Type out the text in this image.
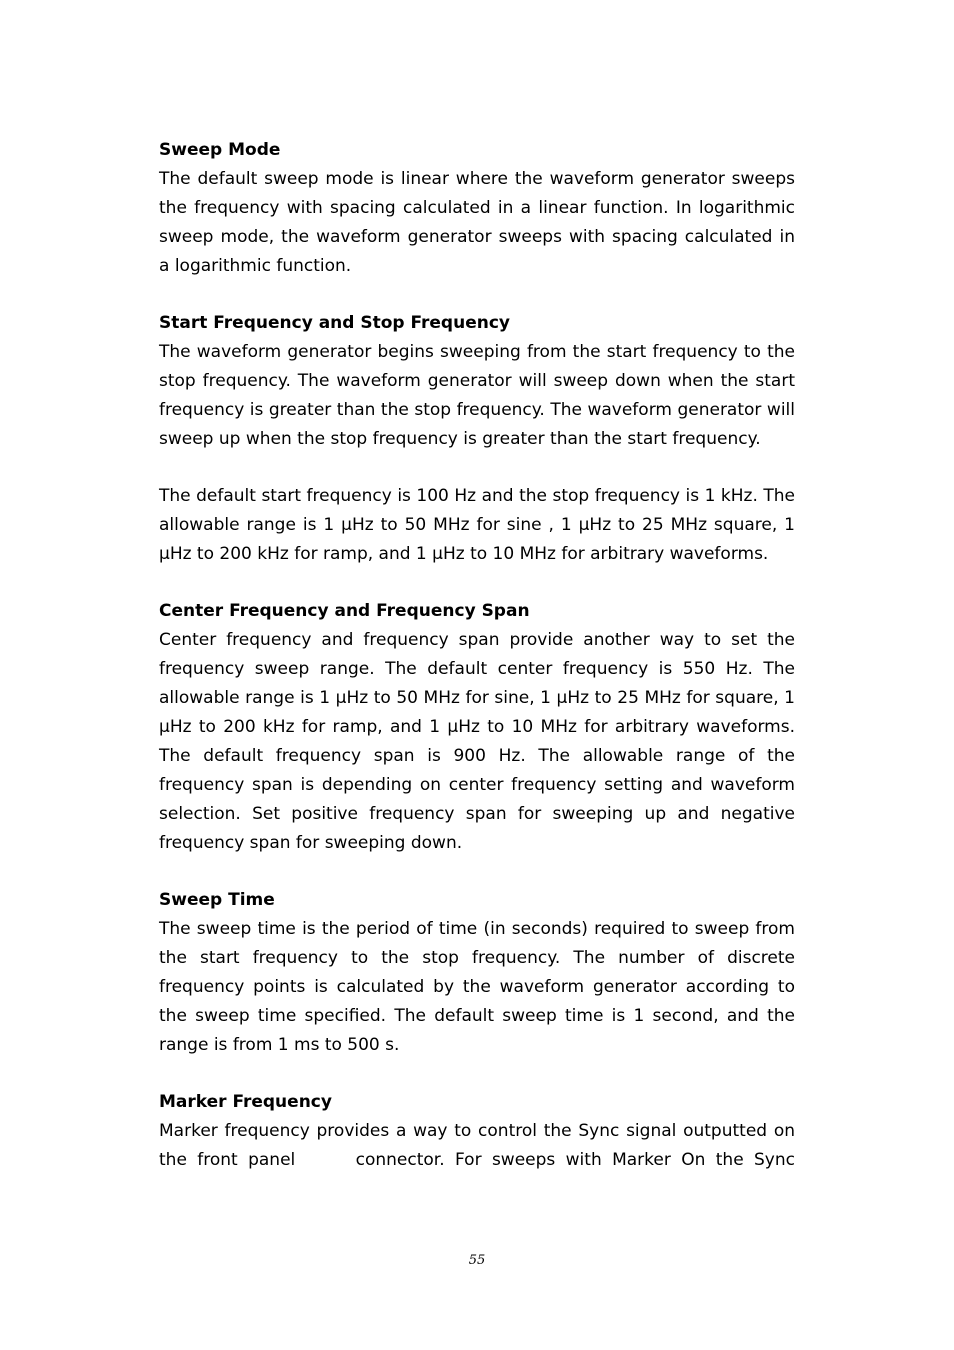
Sweep Mode

The default sweep mode is linear where the waveform generator sweeps the frequency with spacing calculated in a linear function. In logarithmic sweep mode, the waveform generator sweeps with spacing calculated in a logarithmic function.

Start Frequency and Stop Frequency

The waveform generator begins sweeping from the start frequency to the stop frequency. The waveform generator will sweep down when the start frequency is greater than the stop frequency. The waveform generator will sweep up when the stop frequency is greater than the start frequency.

The default start frequency is 100 Hz and the stop frequency is 1 kHz. The allowable range is 1 μHz to 50 MHz for sine , 1 μHz to 25 MHz square, 1 μHz to 200 kHz for ramp, and 1 μHz to 10 MHz for arbitrary waveforms.

Center Frequency and Frequency Span

Center frequency and frequency span provide another way to set the frequency sweep range. The default center frequency is 550 Hz. The allowable range is 1 μHz to 50 MHz for sine, 1 μHz to 25 MHz for square, 1 μHz to 200 kHz for ramp, and 1 μHz to 10 MHz for arbitrary waveforms. The default frequency span is 900 Hz. The allowable range of the frequency span is depending on center frequency setting and waveform selection. Set positive frequency span for sweeping up and negative frequency span for sweeping down.

Sweep Time

The sweep time is the period of time (in seconds) required to sweep from the start frequency to the stop frequency. The number of discrete frequency points is calculated by the waveform generator according to the sweep time specified. The default sweep time is 1 second, and the range is from 1 ms to 500 s.

Marker Frequency

Marker frequency provides a way to control the Sync signal outputted on the front panel	connector. For sweeps with Marker On the Sync

55
